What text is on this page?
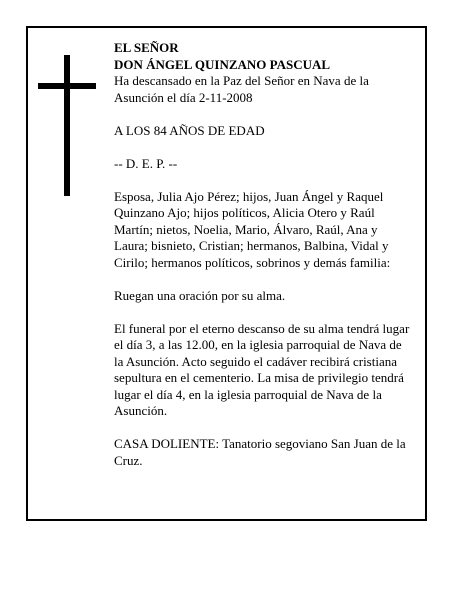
EL SEÑOR

DON ÁNGEL QUINZANO PASCUAL

Ha descansado en la Paz del Señor en Nava de la Asunción el día 2-11-2008

A LOS 84 AÑOS DE EDAD

-- D. E. P. --

Esposa, Julia Ajo Pérez; hijos, Juan Ángel y Raquel Quinzano Ajo; hijos políticos, Alicia Otero y Raúl Martín; nietos, Noelia, Mario, Álvaro, Raúl, Ana y Laura; bisnieto, Cristian; hermanos, Balbina, Vidal y Cirilo; hermanos políticos, sobrinos y demás familia:

Ruegan una oración por su alma.

El funeral por el eterno descanso de su alma tendrá lugar el día 3, a las 12.00, en la iglesia parroquial de Nava de la Asunción. Acto seguido el cadáver recibirá cristiana sepultura en el cementerio. La misa de privilegio tendrá lugar el día 4, en la iglesia parroquial de Nava de la Asunción.

CASA DOLIENTE: Tanatorio segoviano San Juan de la Cruz.
